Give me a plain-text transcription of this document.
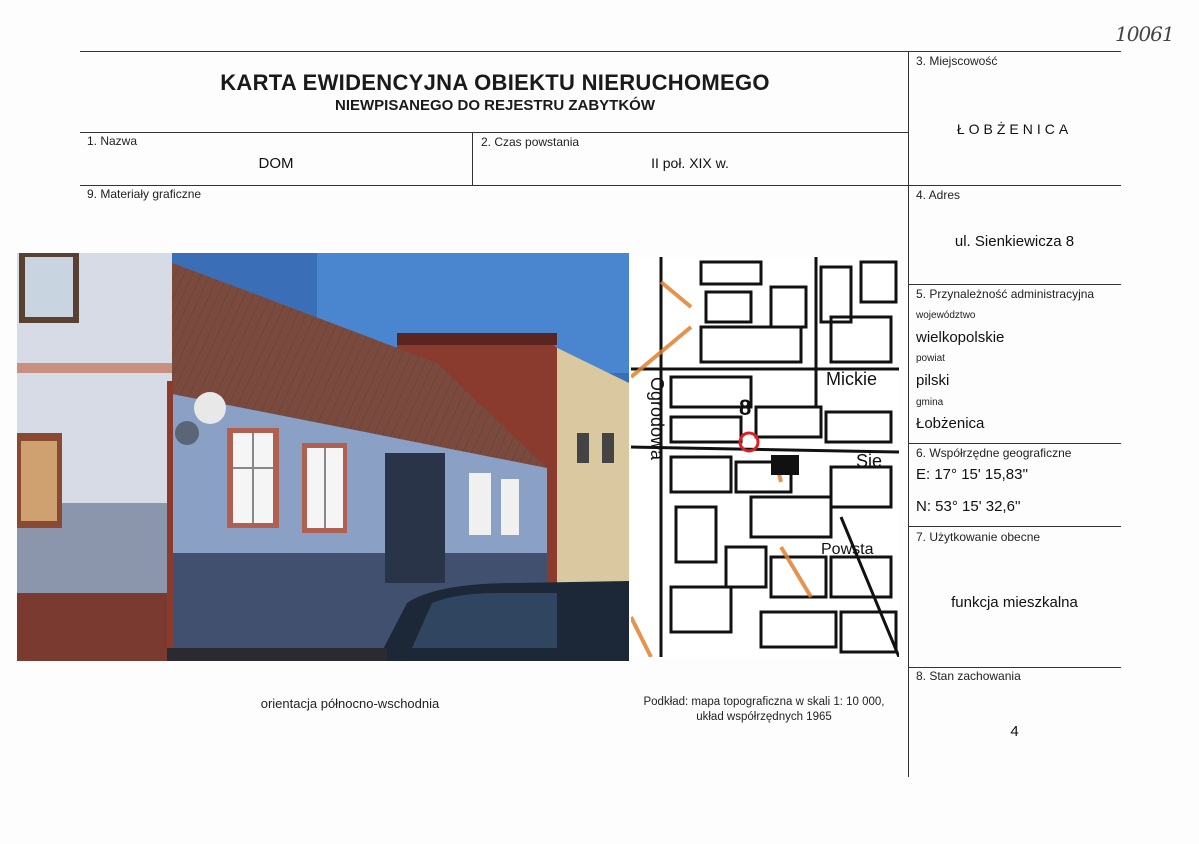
10061
KARTA EWIDENCYJNA OBIEKTU NIERUCHOMEGO
NIEWPISANEGO DO REJESTRU ZABYTKÓW
1. Nazwa
DOM
2. Czas powstania
II poł. XIX w.
9. Materiały graficzne
3. Miejscowość
ŁOBŻENICA
4. Adres
ul. Sienkiewicza 8
5. Przynależność administracyjna
województwo
wielkopolskie
powiat
pilski
gmina
Łobżenica
6. Współrzędne geograficzne
E: 17° 15' 15,83''
N: 53° 15' 32,6''
7. Użytkowanie obecne
funkcja mieszkalna
8. Stan zachowania
4
Mickie
Sie
Powsta
8
Ogrodowa
orientacja północno-wschodnia	Podkład: mapa topograficzna w skali 1: 10 000,
układ współrzędnych 1965
